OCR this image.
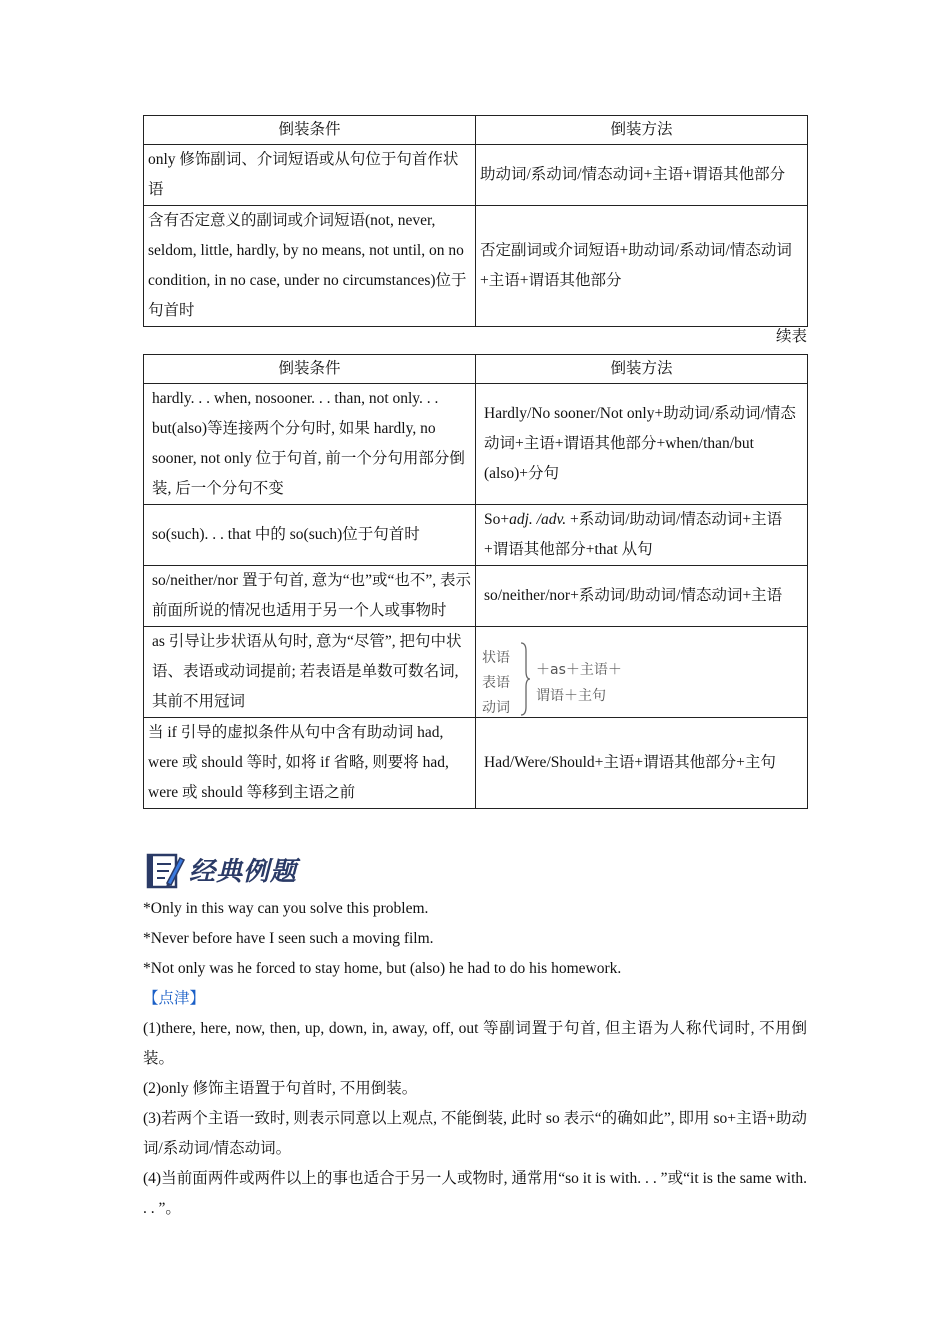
倒装条件	倒装方法
only 修饰副词、介词短语或从句位于句首作状语	助动词/系动词/情态动词+主语+谓语其他部分
含有否定意义的副词或介词短语(not, never, seldom, little, hardly, by no means, not until, on no condition, in no case, under no circumstances)位于句首时	否定副词或介词短语+助动词/系动词/情态动词+主语+谓语其他部分
续表
倒装条件	倒装方法
hardly. . . when, nosooner. . . than, not only. . . but(also)等连接两个分句时, 如果 hardly, no sooner, not only 位于句首, 前一个分句用部分倒装, 后一个分句不变	Hardly/No sooner/Not only+助动词/系动词/情态动词+主语+谓语其他部分+when/than/but (also)+分句
so(such). . . that 中的 so(such)位于句首时	So+adj. /adv. +系动词/助动词/情态动词+主语+谓语其他部分+that 从句
so/neither/nor 置于句首, 意为“也”或“也不”, 表示前面所说的情况也适用于另一个人或事物时	so/neither/nor+系动词/助动词/情态动词+主语
as 引导让步状语从句时, 意为“尽管”, 把句中状语、表语或动词提前; 若表语是单数可数名词, 其前不用冠词	状语
表语
动词
＋as＋主语＋
谓语＋主句

当 if 引导的虚拟条件从句中含有助动词 had, were 或 should 等时, 如将 if 省略, 则要将 had, were 或 should 等移到主语之前	Had/Were/Should+主语+谓语其他部分+主句
经典例题

*Only in this way can you solve this problem.

*Never before have I seen such a moving film.

*Not only was he forced to stay home, but (also) he had to do his homework.

【点津】

(1)there, here, now, then, up, down, in, away, off, out 等副词置于句首, 但主语为人称代词时, 不用倒装。

(2)only 修饰主语置于句首时, 不用倒装。

(3)若两个主语一致时, 则表示同意以上观点, 不能倒装, 此时 so 表示“的确如此”, 即用 so+主语+助动词/系动词/情态动词。

(4)当前面两件或两件以上的事也适合于另一人或物时, 通常用“so it is with. . . ”或“it is the same with. . . ”。
